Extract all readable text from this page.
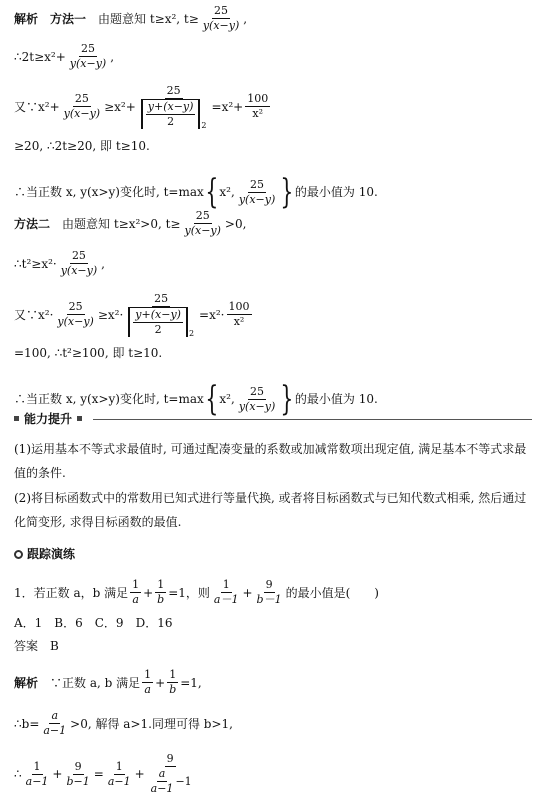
解析 方法一 由题意知 t≥x², $t\ge \frac{25}{y(x-y)}$ ,
∴2t≥x²+ $\frac{25}{y(x-y)}$ ,
又∵x²+ $\frac{25}{y(x-y)} \ge x^2+ \frac{25}{\frac{y+(x-y)}{2} 2} =x^2+ \frac{100}{\text{x²}}$
≥20, ∴2t≥20, 即 t≥10.
∴当正数 x, y(x>y)变化时, t=max { x², $\frac{25}{y(x-y)}$ } 的最小值为 10.
方法二 由题意知 t≥x²>0, $t\ge \frac{25}{y(x-y)} >0$,
∴t²≥x²· $\frac{25}{y(x-y)}$ ,
又∵x²· $\frac{25}{y(x-y)} \ge x^2\cdot \frac{25}{\frac{y+(x-y)}{2} 2} =x^2\cdot \frac{100}{\text{x²}}$
=100, ∴t²≥100, 即 t≥10.
∴当正数 x, y(x>y)变化时, t=max { x², $\frac{25}{y(x-y)}$ } 的最小值为 10.
能力提升
(1)运用基本不等式求最值时, 可通过配凑变量的系数或加减常数项出现定值, 满足基本不等式求最值的条件.
(2)将目标函数式中的常数用已知式进行等量代换, 或者将目标函数式与已知代数式相乘, 然后通过化简变形, 求得目标函数的最值.
跟踪演练
1．若正数 a，b 满足 $\frac{1}{a} + \frac{1}{b} =1$，则 $\frac{1}{a-1} + \frac{9}{b-1}$ 的最小值是(　　)
A．1　B．6　C．9　D．16
答案　B
解析 ∵正数 a, b 满足 $\frac{1}{a} + \frac{1}{b} =1$,
∴b= $\frac{a}{a-1} >0$, 解得 a>1.同理可得 b>1,
∴ $\frac{1}{a-1} + \frac{9}{b-1} = \frac{1}{a-1} + \frac{9}{\frac{a}{a-1} -1}$
